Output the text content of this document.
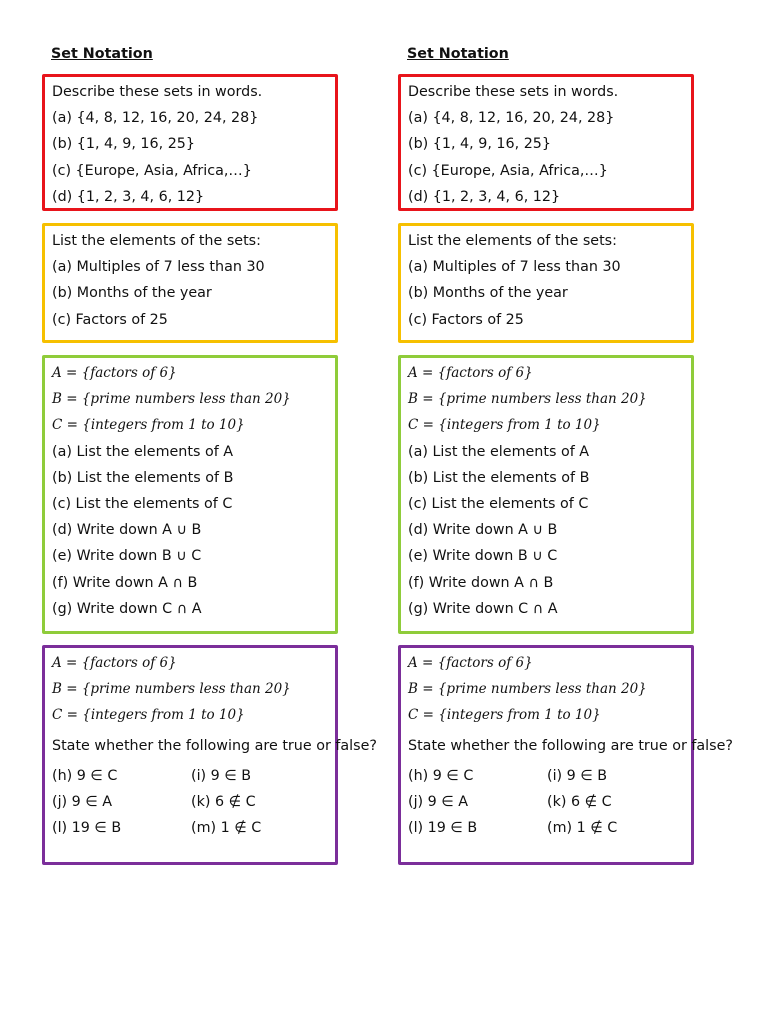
Set Notation
Describe these sets in words.
(a) {4, 8, 12, 16, 20, 24, 28}
(b) {1, 4, 9, 16, 25}
(c) {Europe, Asia, Africa,…}
(d) {1, 2, 3, 4, 6, 12}
List the elements of the sets:
(a) Multiples of 7 less than 30
(b) Months of the year
(c) Factors of 25
A = {factors of 6}
B = {prime numbers less than 20}
C = {integers from 1 to 10}
(a) List the elements of A
(b) List the elements of B
(c) List the elements of C
(d) Write down A ∪ B
(e) Write down B ∪ C
(f) Write down A ∩ B
(g) Write down C ∩ A
A = {factors of 6}
B = {prime numbers less than 20}
C = {integers from 1 to 10}
State whether the following are true or false?
(h) 9 ∈ C	(i) 9 ∈ B
(j) 9 ∈ A	(k) 6 ∉ C
(l) 19 ∈ B	(m) 1 ∉ C
Set Notation
Describe these sets in words.
(a) {4, 8, 12, 16, 20, 24, 28}
(b) {1, 4, 9, 16, 25}
(c) {Europe, Asia, Africa,…}
(d) {1, 2, 3, 4, 6, 12}
List the elements of the sets:
(a) Multiples of 7 less than 30
(b) Months of the year
(c) Factors of 25
A = {factors of 6}
B = {prime numbers less than 20}
C = {integers from 1 to 10}
(a) List the elements of A
(b) List the elements of B
(c) List the elements of C
(d) Write down A ∪ B
(e) Write down B ∪ C
(f) Write down A ∩ B
(g) Write down C ∩ A
A = {factors of 6}
B = {prime numbers less than 20}
C = {integers from 1 to 10}
State whether the following are true or false?
(h) 9 ∈ C	(i) 9 ∈ B
(j) 9 ∈ A	(k) 6 ∉ C
(l) 19 ∈ B	(m) 1 ∉ C
